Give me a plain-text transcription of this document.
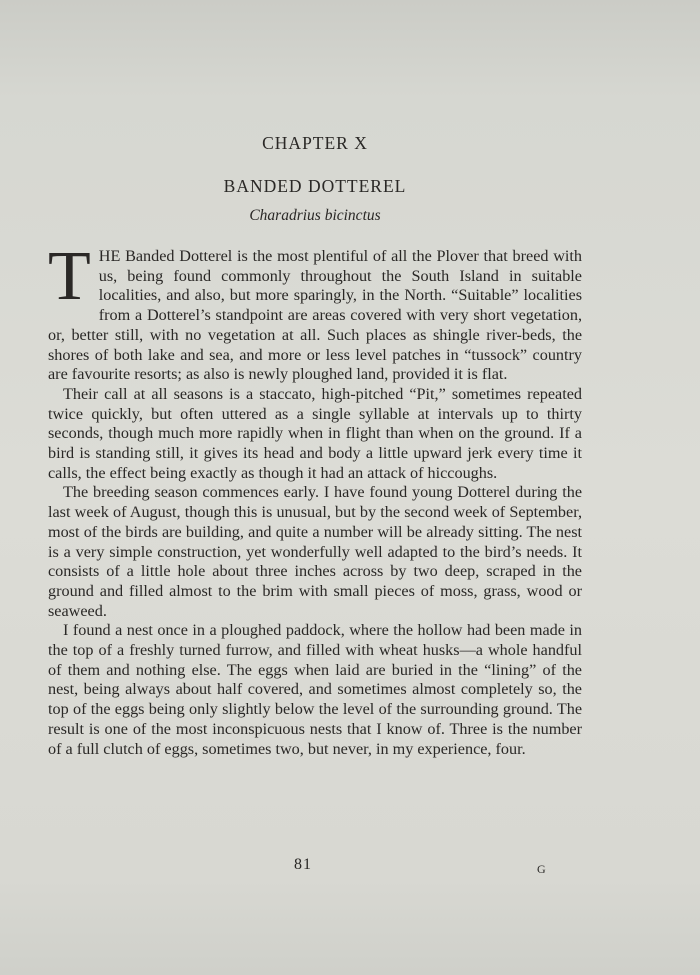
CHAPTER X
BANDED DOTTEREL
Charadrius bicinctus

THE Banded Dotterel is the most plentiful of all the Plover that breed with us, being found commonly throughout the South Island in suitable localities, and also, but more sparingly, in the North. “Suitable” localities from a Dotterel’s standpoint are areas covered with very short vegetation, or, better still, with no vegetation at all. Such places as shingle river-beds, the shores of both lake and sea, and more or less level patches in “tussock” country are favourite resorts; as also is newly ploughed land, provided it is flat.

Their call at all seasons is a staccato, high-pitched “Pit,” sometimes repeated twice quickly, but often uttered as a single syllable at intervals up to thirty seconds, though much more rapidly when in flight than when on the ground. If a bird is standing still, it gives its head and body a little upward jerk every time it calls, the effect being exactly as though it had an attack of hiccoughs.

The breeding season commences early. I have found young Dotterel during the last week of August, though this is unusual, but by the second week of September, most of the birds are building, and quite a number will be already sitting. The nest is a very simple construction, yet wonderfully well adapted to the bird’s needs. It consists of a little hole about three inches across by two deep, scraped in the ground and filled almost to the brim with small pieces of moss, grass, wood or seaweed.

I found a nest once in a ploughed paddock, where the hollow had been made in the top of a freshly turned furrow, and filled with wheat husks—a whole handful of them and nothing else. The eggs when laid are buried in the “lining” of the nest, being always about half covered, and sometimes almost completely so, the top of the eggs being only slightly below the level of the surrounding ground. The result is one of the most inconspicuous nests that I know of. Three is the number of a full clutch of eggs, sometimes two, but never, in my experience, four.

81	G
